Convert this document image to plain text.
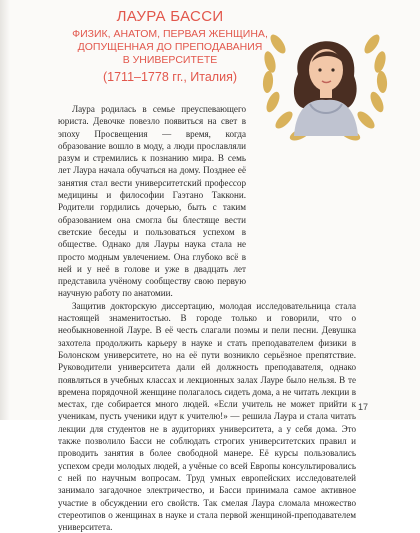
ЛАУРА БАССИ
ФИЗИК, АНАТОМ, ПЕРВАЯ ЖЕНЩИНА,
ДОПУЩЕННАЯ ДО ПРЕПОДАВАНИЯ
В УНИВЕРСИТЕТЕ
(1711–1778 гг., Италия)

Лаура родилась в семье преуспевающего юриста. Девочке повезло появиться на свет в эпоху Просвещения — время, когда образование вошло в моду, а люди прославляли разум и стремились к познанию мира. В семь лет Лаура начала обучаться на дому. Позднее её занятия стал вести университетский профессор медицины и философии Гаэтано Таккони. Родители гордились дочерью, быть с таким образованием она смогла бы блестяще вести светские беседы и пользоваться успехом в обществе. Однако для Лауры наука стала не просто модным увлечением. Она глубоко всё в ней и у неё в голове и уже в двадцать лет представила учёному сообществу свою первую научную работу по анатомии.

Защитив докторскую диссертацию, молодая исследовательница стала настоящей знаменитостью. В городе только и говорили, что о необыкновенной Лауре. В её честь слагали поэмы и пели песни. Девушка захотела продолжить карьеру в науке и стать преподавателем физики в Болонском университете, но на её пути возникло серьёзное препятствие. Руководители университета дали ей должность преподавателя, однако появляться в учебных классах и лекционных залах Лауре было нельзя. В те времена порядочной женщине полагалось сидеть дома, а не читать лекции в местах, где собирается много людей. «Если учитель не может прийти к ученикам, пусть ученики идут к учителю!» — решила Лаура и стала читать лекции для студентов не в аудиториях университета, а у себя дома. Это также позволило Басси не соблюдать строгих университетских правил и проводить занятия в более свободной манере. Её курсы пользовались успехом среди молодых людей, а учёные со всей Европы консультировались с ней по научным вопросам. Труд умных европейских исследователей занимало загадочное электричество, и Басси принимала самое активное участие в обсуждении его свойств. Так смелая Лаура сломала множество стереотипов о женщинах в науке и стала первой женщиной-преподавателем университета.

17
